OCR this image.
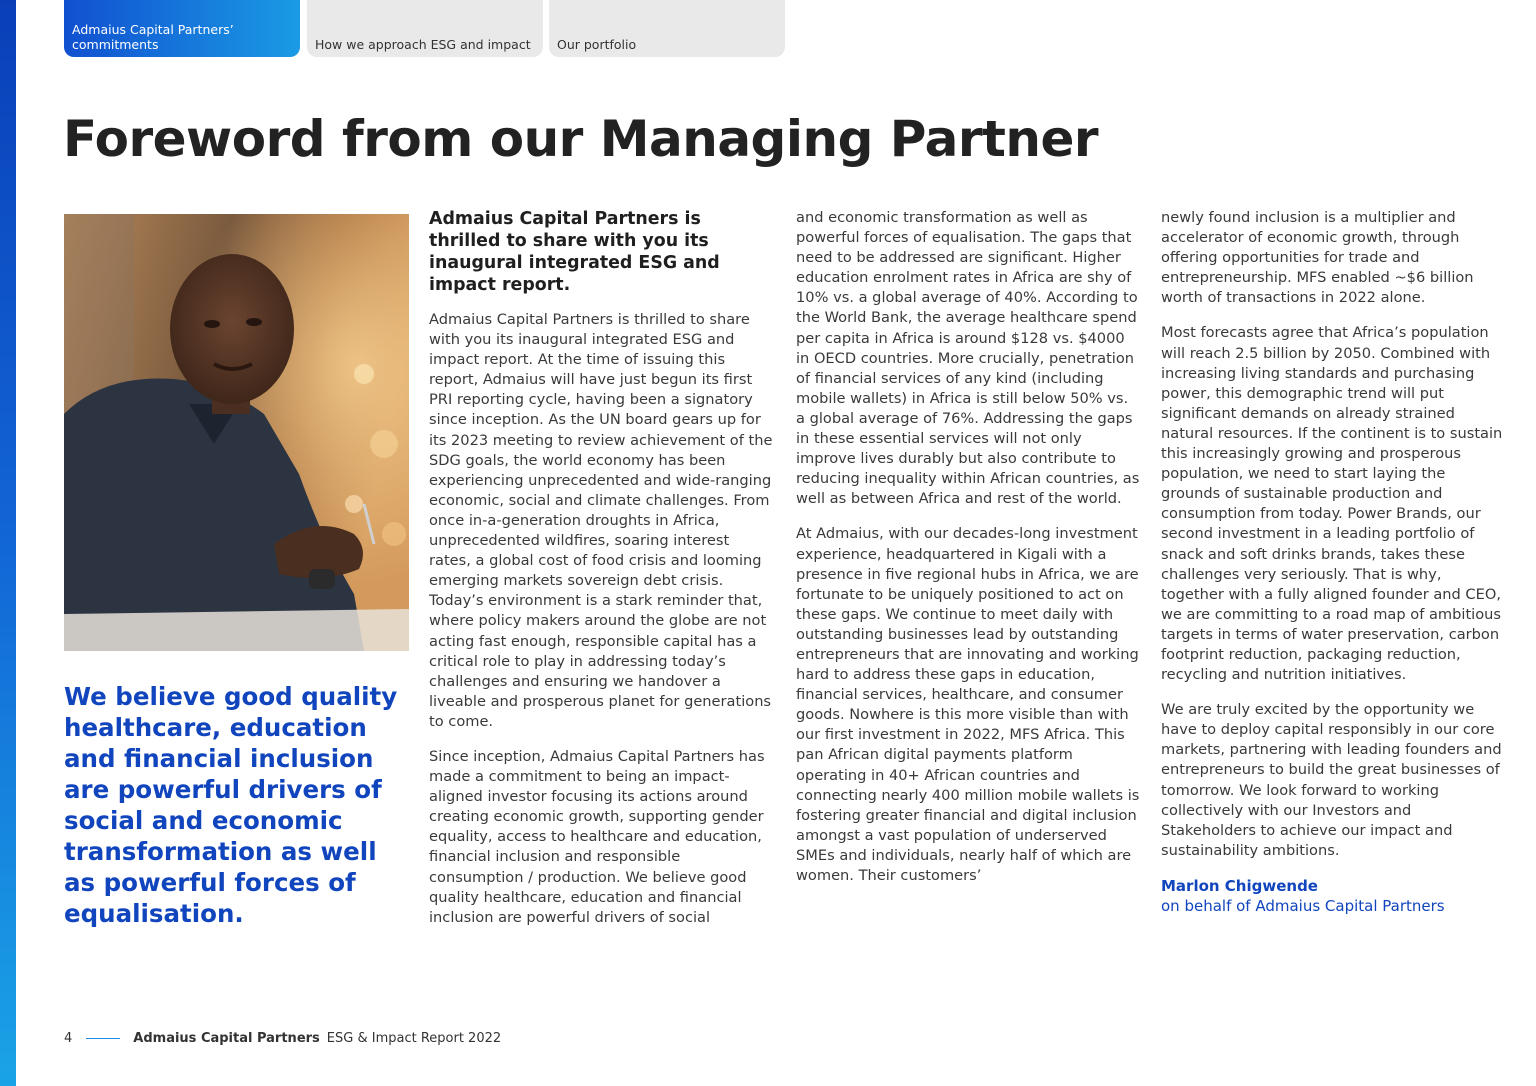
Admaius Capital Partners’ commitments	How we approach ESG and impact Our portfolio
Foreword from our Managing Partner
We believe good quality healthcare, education and financial inclusion are powerful drivers of social and economic transformation as well as powerful forces of equalisation.

Admaius Capital Partners is thrilled to share with you its inaugural integrated ESG and impact report.

Admaius Capital Partners is thrilled to share with you its inaugural integrated ESG and impact report. At the time of issuing this report, Admaius will have just begun its first PRI reporting cycle, having been a signatory since inception. As the UN board gears up for its 2023 meeting to review achievement of the SDG goals, the world economy has been experiencing unprecedented and wide-ranging economic, social and climate challenges. From once in-a-generation droughts in Africa, unprecedented wildfires, soaring interest rates, a global cost of food crisis and looming emerging markets sovereign debt crisis. Today’s environment is a stark reminder that, where policy makers around the globe are not acting fast enough, responsible capital has a critical role to play in addressing today’s challenges and ensuring we handover a liveable and prosperous planet for generations to come.

Since inception, Admaius Capital Partners has made a commitment to being an impact-aligned investor focusing its actions around creating economic growth, supporting gender equality, access to healthcare and education, financial inclusion and responsible consumption / production. We believe good quality healthcare, education and financial inclusion are powerful drivers of social

and economic transformation as well as powerful forces of equalisation. The gaps that need to be addressed are significant. Higher education enrolment rates in Africa are shy of 10% vs. a global average of 40%. According to the World Bank, the average healthcare spend per capita in Africa is around $128 vs. $4000 in OECD countries. More crucially, penetration of financial services of any kind (including mobile wallets) in Africa is still below 50% vs. a global average of 76%. Addressing the gaps in these essential services will not only improve lives durably but also contribute to reducing inequality within African countries, as well as between Africa and rest of the world.

At Admaius, with our decades-long investment experience, headquartered in Kigali with a presence in five regional hubs in Africa, we are fortunate to be uniquely positioned to act on these gaps. We continue to meet daily with outstanding businesses lead by outstanding entrepreneurs that are innovating and working hard to address these gaps in education, financial services, healthcare, and consumer goods. Nowhere is this more visible than with our first investment in 2022, MFS Africa. This pan African digital payments platform operating in 40+ African countries and connecting nearly 400 million mobile wallets is fostering greater financial and digital inclusion amongst a vast population of underserved SMEs and individuals, nearly half of which are women. Their customers’

newly found inclusion is a multiplier and accelerator of economic growth, through offering opportunities for trade and entrepreneurship. MFS enabled ~$6 billion worth of transactions in 2022 alone.

Most forecasts agree that Africa’s population will reach 2.5 billion by 2050. Combined with increasing living standards and purchasing power, this demographic trend will put significant demands on already strained natural resources. If the continent is to sustain this increasingly growing and prosperous population, we need to start laying the grounds of sustainable production and consumption from today. Power Brands, our second investment in a leading portfolio of snack and soft drinks brands, takes these challenges very seriously. That is why, together with a fully aligned founder and CEO, we are committing to a road map of ambitious targets in terms of water preservation, carbon footprint reduction, packaging reduction, recycling and nutrition initiatives.

We are truly excited by the opportunity we have to deploy capital responsibly in our core markets, partnering with leading founders and entrepreneurs to build the great businesses of tomorrow. We look forward to working collectively with our Investors and Stakeholders to achieve our impact and sustainability ambitions.

Marlon Chigwende
on behalf of Admaius Capital Partners
4	Admaius Capital Partners ESG & Impact Report 2022
